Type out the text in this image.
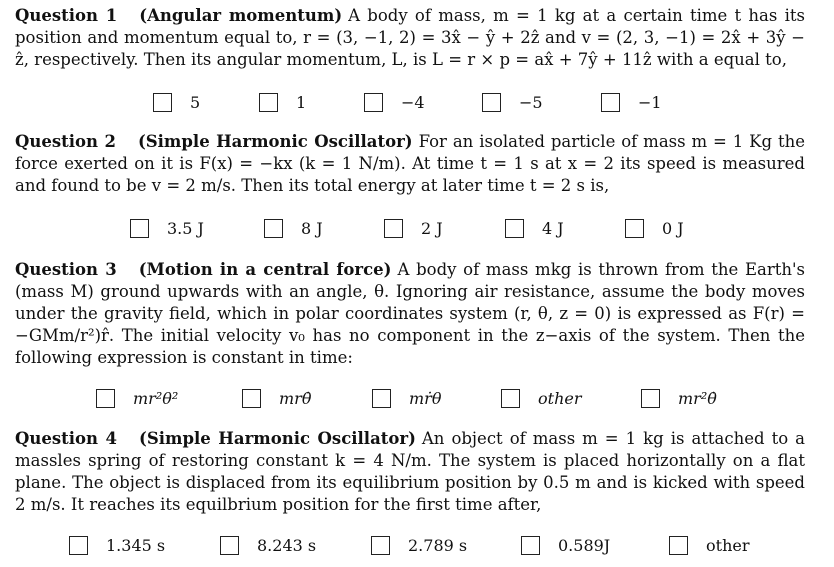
Question 1 (Angular momentum) A body of mass, m = 1 kg at a certain time t has its position and momentum equal to, r = (3, −1, 2) = 3x̂ − ŷ + 2ẑ and v = (2, 3, −1) = 2x̂ + 3ŷ − ẑ, respectively. Then its angular momentum, L, is L = r × p = ax̂ + 7ŷ + 11ẑ with a equal to,
5	1	−4	−5	−1
Question 2 (Simple Harmonic Oscillator) For an isolated particle of mass m = 1 Kg the force exerted on it is F(x) = −kx (k = 1 N/m). At time t = 1 s at x = 2 its speed is measured and found to be v = 2 m/s. Then its total energy at later time t = 2 s is,
3.5 J	8 J	2 J	4 J	0 J
Question 3 (Motion in a central force) A body of mass mkg is thrown from the Earth's (mass M) ground upwards with an angle, θ. Ignoring air resistance, assume the body moves under the gravity field, which in polar coordinates system (r, θ, z = 0) is expressed as F(r) = −GMm/r²)r̂. The initial velocity v₀ has no component in the z−axis of the system. Then the following expression is constant in time:
mr²θ²	mrθ̇	mṙθ	other	mr²θ̇
Question 4 (Simple Harmonic Oscillator) An object of mass m = 1 kg is attached to a massles spring of restoring constant k = 4 N/m. The system is placed horizontally on a flat plane. The object is displaced from its equilibrium position by 0.5 m and is kicked with speed 2 m/s. It reaches its equilbrium position for the first time after,
1.345 s	8.243 s	2.789 s	0.589J	other
